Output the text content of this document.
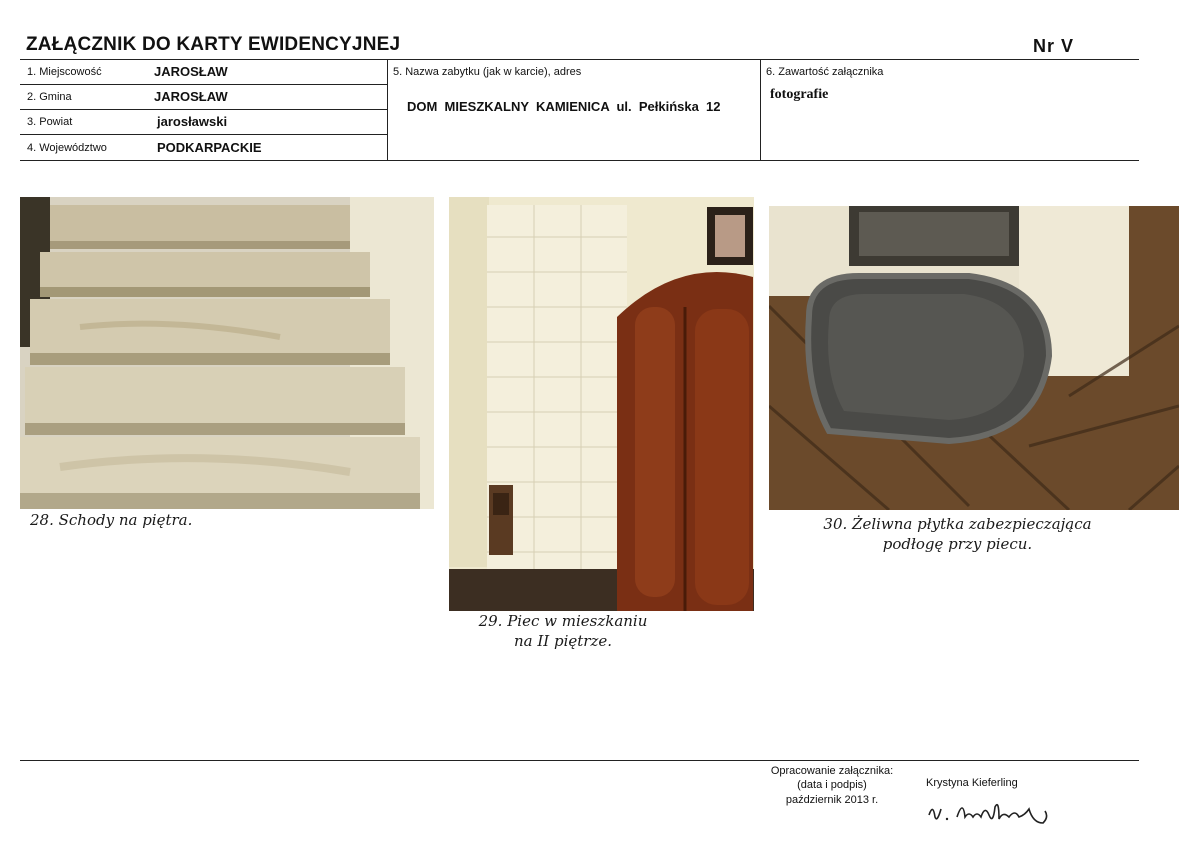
ZAŁĄCZNIK DO KARTY EWIDENCYJNEJ	Nr V
1. Miejscowość	JAROSŁAW
2. Gmina	JAROSŁAW
3. Powiat	jarosławski
4. Województwo	PODKARPACKIE
5. Nazwa zabytku (jak w karcie), adres
DOM  MIESZKALNY  KAMIENICA  ul.  Pełkińska  12
6. Zawartość załącznika
fotografie
28. Schody na piętra.
29. Piec w mieszkaniu
na II piętrze.
30. Żeliwna płytka zabezpieczająca
podłogę przy piecu.
Opracowanie załącznika:
(data i podpis)
październik 2013 r.
Krystyna Kieferling
